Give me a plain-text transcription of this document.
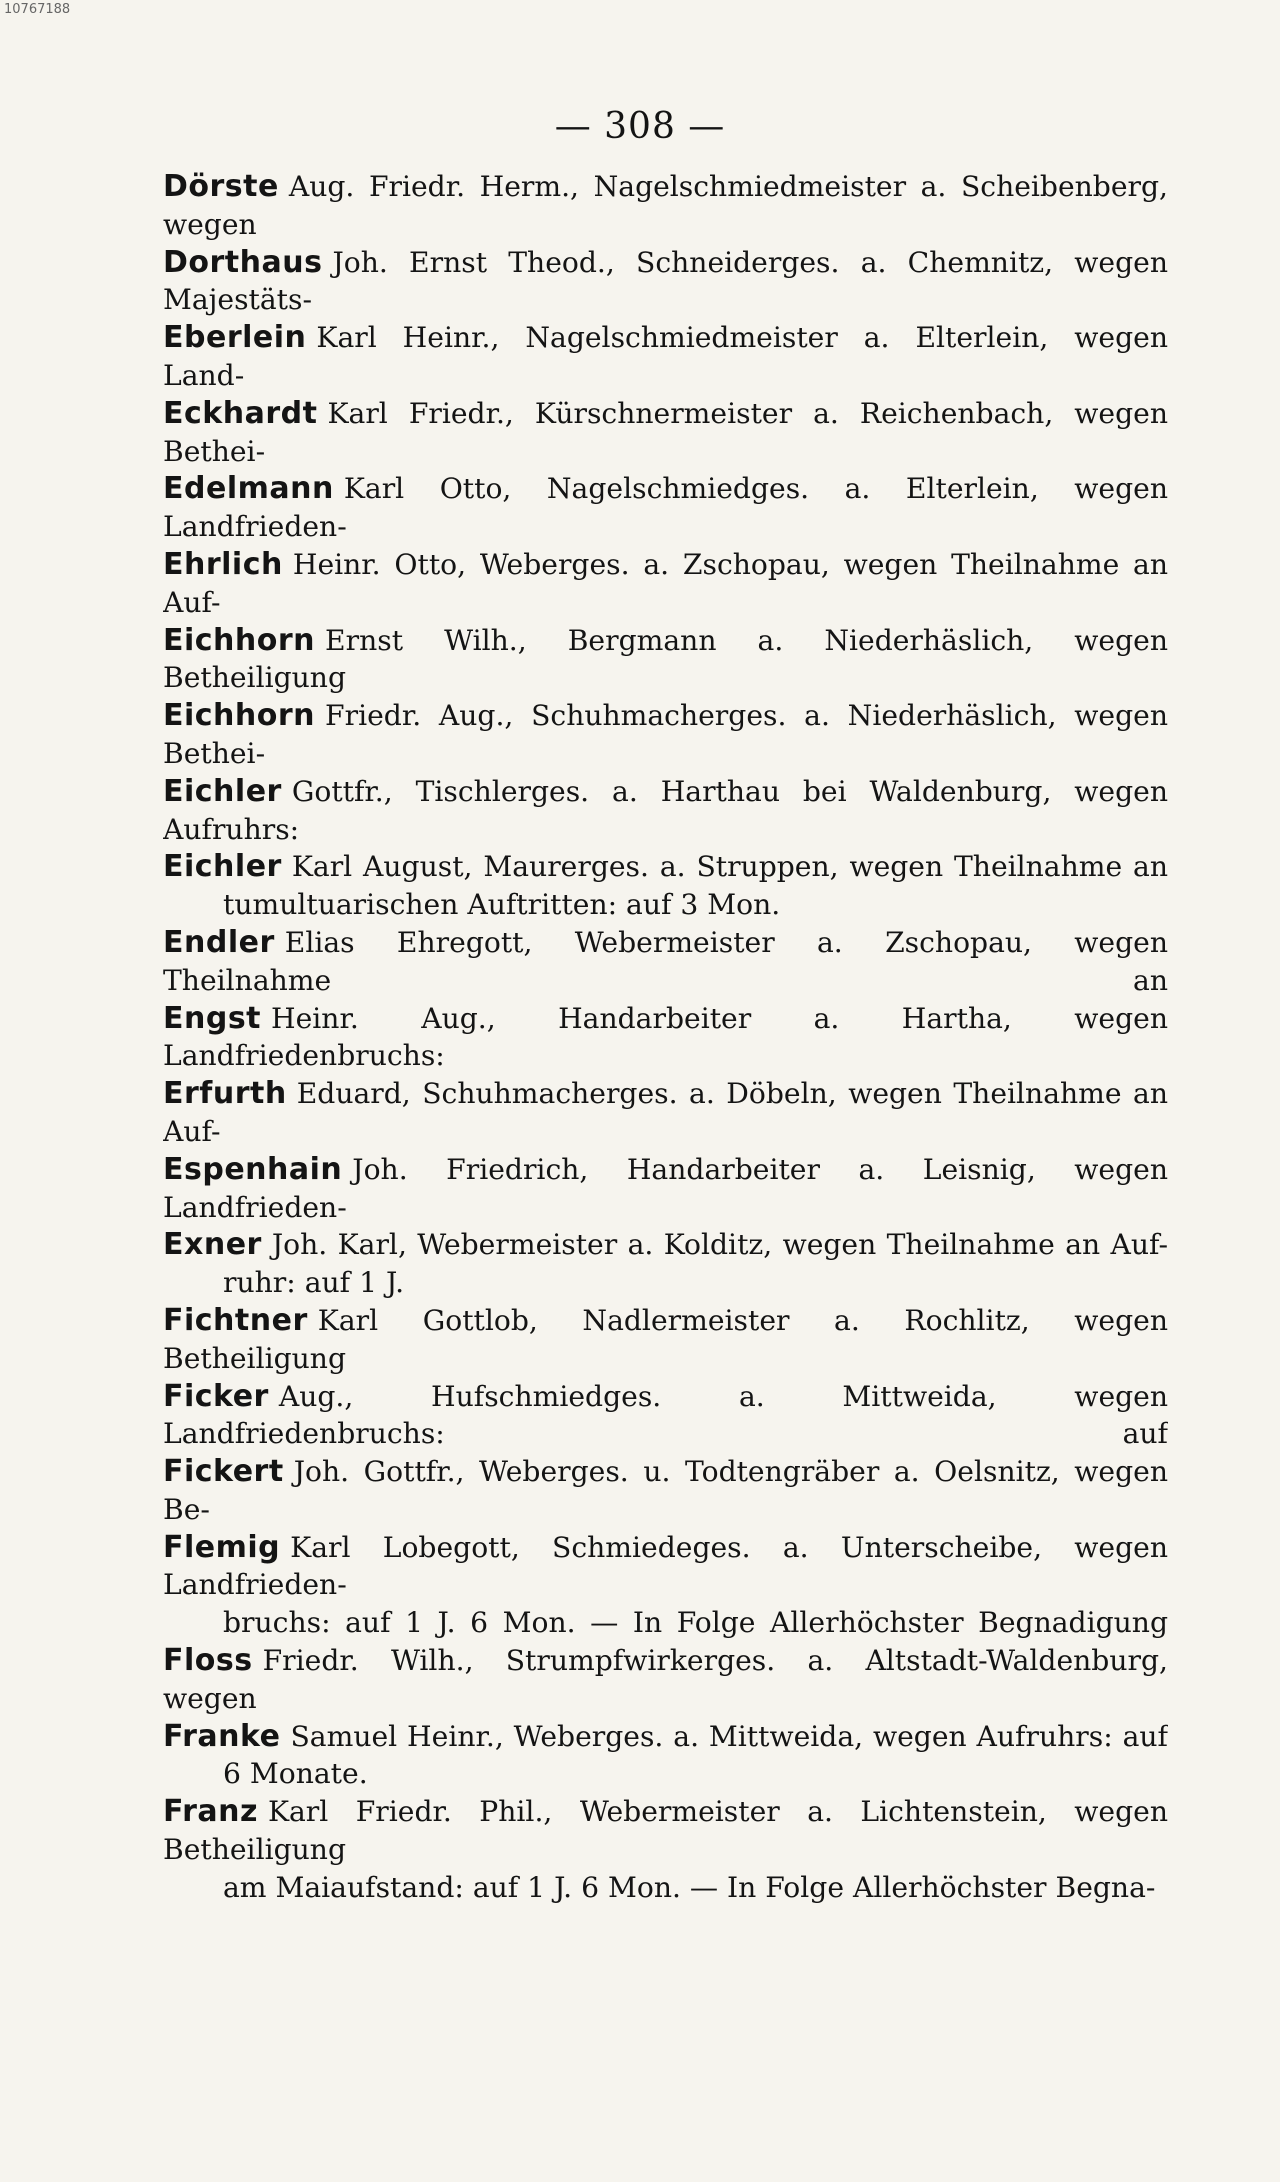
10767188
— 308 —

Dörste Aug. Friedr. Herm., Nagelschmiedmeister a. Scheibenberg, wegen

Dorthaus Joh. Ernst Theod., Schneiderges. a. Chemnitz, wegen Majestäts-

Eberlein Karl Heinr., Nagelschmiedmeister a. Elterlein, wegen Land-

Eckhardt Karl Friedr., Kürschnermeister a. Reichenbach, wegen Bethei-

Edelmann Karl Otto, Nagelschmiedges. a. Elterlein, wegen Landfrieden-

Ehrlich Heinr. Otto, Weberges. a. Zschopau, wegen Theilnahme an Auf-

Eichhorn Ernst Wilh., Bergmann a. Niederhäslich, wegen Betheiligung

Eichhorn Friedr. Aug., Schuhmacherges. a. Niederhäslich, wegen Bethei-

Eichler Gottfr., Tischlerges. a. Harthau bei Waldenburg, wegen Aufruhrs:

Eichler Karl August, Maurerges. a. Struppen, wegen Theilnahme an

tumultuarischen Auftritten: auf 3 Mon.

Endler Elias Ehregott, Webermeister a. Zschopau, wegen Theilnahme an

Engst Heinr. Aug., Handarbeiter a. Hartha, wegen Landfriedenbruchs:

Erfurth Eduard, Schuhmacherges. a. Döbeln, wegen Theilnahme an Auf-

Espenhain Joh. Friedrich, Handarbeiter a. Leisnig, wegen Landfrieden-

Exner Joh. Karl, Webermeister a. Kolditz, wegen Theilnahme an Auf-

ruhr: auf 1 J.

Fichtner Karl Gottlob, Nadlermeister a. Rochlitz, wegen Betheiligung

Ficker Aug., Hufschmiedges. a. Mittweida, wegen Landfriedenbruchs: auf

Fickert Joh. Gottfr., Weberges. u. Todtengräber a. Oelsnitz, wegen Be-

Flemig Karl Lobegott, Schmiedeges. a. Unterscheibe, wegen Landfrieden-

bruchs: auf 1 J. 6 Mon. — In Folge Allerhöchster Begnadigung

Floss Friedr. Wilh., Strumpfwirkerges. a. Altstadt-Waldenburg, wegen

Franke Samuel Heinr., Weberges. a. Mittweida, wegen Aufruhrs: auf

6 Monate.

Franz Karl Friedr. Phil., Webermeister a. Lichtenstein, wegen Betheiligung

am Maiaufstand: auf 1 J. 6 Mon. — In Folge Allerhöchster Begna-
